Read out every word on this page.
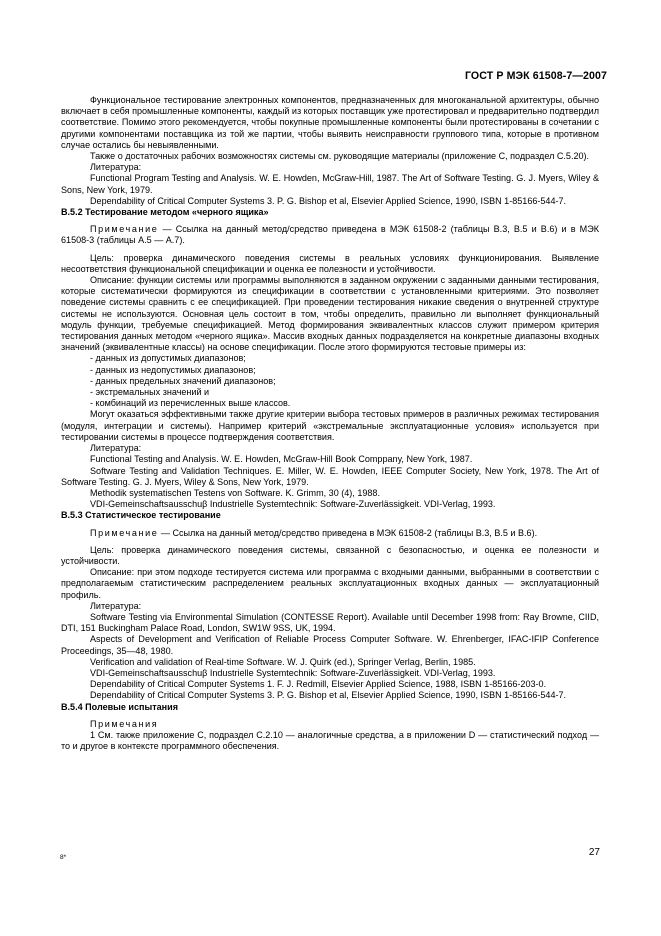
ГОСТ Р МЭК 61508-7—2007

Функциональное тестирование электронных компонентов, предназначенных для многоканальной архитектуры, обычно включает в себя промышленные компоненты, каждый из которых поставщик уже протестировал и предварительно подтвердил соответствие. Помимо этого рекомендуется, чтобы покупные промышленные компоненты были протестированы в сочетании с другими компонентами поставщика из той же партии, чтобы выявить неисправности группового типа, которые в противном случае остались бы невыявленными.

Также о достаточных рабочих возможностях системы см. руководящие материалы (приложение С, подраздел С.5.20).

Литература:

Functional Program Testing and Analysis. W. E. Howden, McGraw-Hill, 1987. The Art of Software Testing. G. J. Myers, Wiley & Sons, New York, 1979.

Dependability of Critical Computer Systems 3. P. G. Bishop et al, Elsevier Applied Science, 1990, ISBN 1-85166-544-7.

В.5.2 Тестирование методом «черного ящика»

Примечание — Ссылка на данный метод/средство приведена в МЭК 61508-2 (таблицы В.3, В.5 и В.6) и в МЭК 61508-3 (таблицы А.5 — А.7).

Цель: проверка динамического поведения системы в реальных условиях функционирования. Выявление несоответствия функциональной спецификации и оценка ее полезности и устойчивости.

Описание: функции системы или программы выполняются в заданном окружении с заданными данными тестирования, которые систематически формируются из спецификации в соответствии с установленными критериями. Это позволяет поведение системы сравнить с ее спецификацией. При проведении тестирования никакие сведения о внутренней структуре системы не используются. Основная цель состоит в том, чтобы определить, правильно ли выполняет функциональный модуль функции, требуемые спецификацией. Метод формирования эквивалентных классов служит примером критерия тестирования данных методом «черного ящика». Массив входных данных подразделяется на конкретные диапазоны входных значений (эквивалентные классы) на основе спецификации. После этого формируются тестовые примеры из:

- данных из допустимых диапазонов;

- данных из недопустимых диапазонов;

- данных предельных значений диапазонов;

- экстремальных значений и

- комбинаций из перечисленных выше классов.

Могут оказаться эффективными также другие критерии выбора тестовых примеров в различных режимах тестирования (модуля, интеграции и системы). Например критерий «экстремальные эксплуатационные условия» используется при тестировании системы в процессе подтверждения соответствия.

Литература:

Functional Testing and Analysis. W. E. Howden, McGraw-Hill Book Comppany, New York, 1987.

Software Testing and Validation Techniques. E. Miller, W. E. Howden, IEEE Computer Society, New York, 1978. The Art of Software Testing. G. J. Myers, Wiley & Sons, New York, 1979.

Methodik systematischen Testens von Software. K. Grimm, 30 (4), 1988.

VDI-Gemeinschaftsausschuβ Industrielle Systemtechnik: Software-Zuverlässigkeit. VDI-Verlag, 1993.

В.5.3 Статистическое тестирование

Примечание — Ссылка на данный метод/средство приведена в МЭК 61508-2 (таблицы В.3, В.5 и В.6).

Цель: проверка динамического поведения системы, связанной с безопасностью, и оценка ее полезности и устойчивости.

Описание: при этом подходе тестируется система или программа с входными данными, выбранными в соответствии с предполагаемым статистическим распределением реальных эксплуатационных входных данных — эксплуатационный профиль.

Литература:

Software Testing via Environmental Simulation (CONTESSE Report). Available until December 1998 from: Ray Browne, CIID, DTI, 151 Buckingham Palace Road, London, SW1W 9SS, UK, 1994.

Aspects of Development and Verification of Reliable Process Computer Software. W. Ehrenberger, IFAC-IFIP Conference Proceedings, 35—48, 1980.

Verification and validation of Real-time Software. W. J. Quirk (ed.), Springer Verlag, Berlin, 1985.

VDI-Gemeinschaftsausschuβ Industrielle Systemtechnik: Software-Zuverlässigkeit. VDI-Verlag, 1993.

Dependability of Critical Computer Systems 1. F. J. Redmill, Elsevier Applied Science, 1988, ISBN 1-85166-203-0.

Dependability of Critical Computer Systems 3. P. G. Bishop et al, Elsevier Applied Science, 1990, ISBN 1-85166-544-7.

В.5.4 Полевые испытания

Примечания

1 См. также приложение С, подраздел С.2.10 — аналогичные средства, а в приложении D — статистический подход — то и другое в контексте программного обеспечения.

8*	27
